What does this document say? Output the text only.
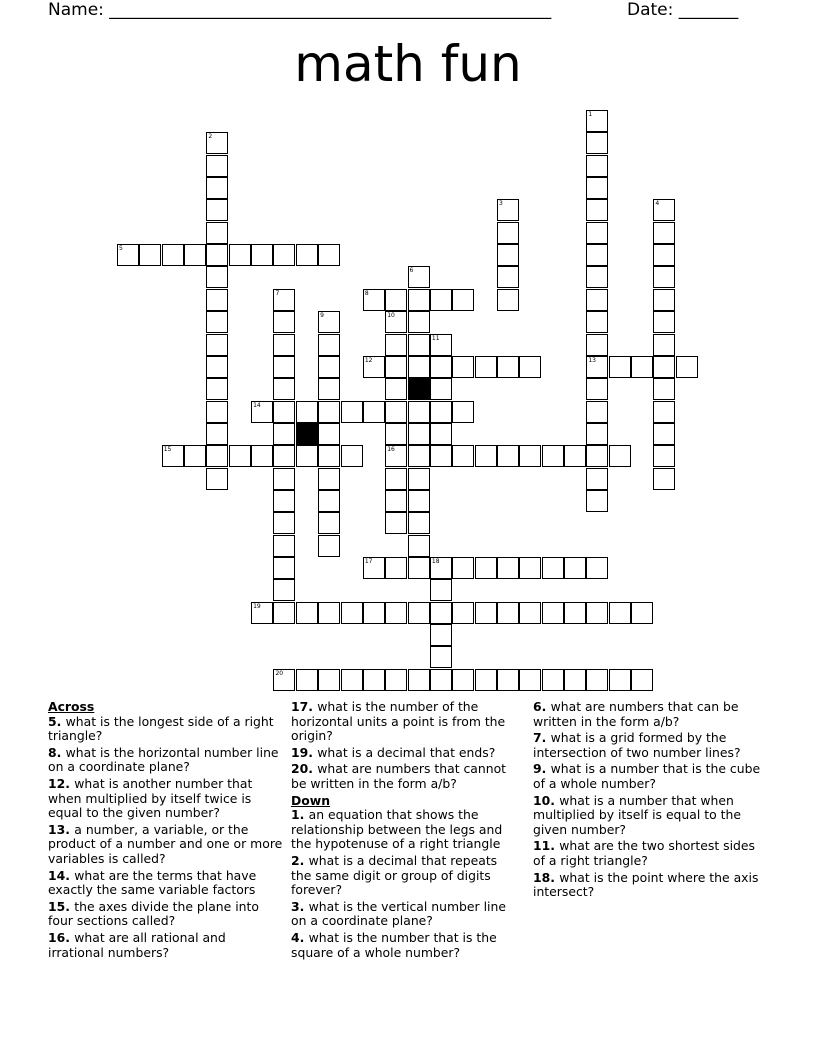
Name: ____________________________________________________	Date: _______
math fun
1
13
2
3	4
5
6
7	8
9	10
16
11
12
14
15
17	18
19
20
Across
5. what is the longest side of a right triangle?
8. what is the horizontal number line on a coordinate plane?
12. what is another number that when multiplied by itself twice is equal to the given number?
13. a number, a variable, or the product of a number and one or more variables is called?
14. what are the terms that have exactly the same variable factors
15. the axes divide the plane into four sections called?
16. what are all rational and irrational numbers?
17. what is the number of the horizontal units a point is from the origin?
19. what is a decimal that ends?
20. what are numbers that cannot be written in the form a/b?
Down
1. an equation that shows the relationship between the legs and the hypotenuse of a right triangle
2. what is a decimal that repeats the same digit or group of digits forever?
3. what is the vertical number line on a coordinate plane?
4. what is the number that is the square of a whole number?
6. what are numbers that can be written in the form a/b?
7. what is a grid formed by the intersection of two number lines?
9. what is a number that is the cube of a whole number?
10. what is a number that when multiplied by itself is equal to the given number?
11. what are the two shortest sides of a right triangle?
18. what is the point where the axis intersect?
